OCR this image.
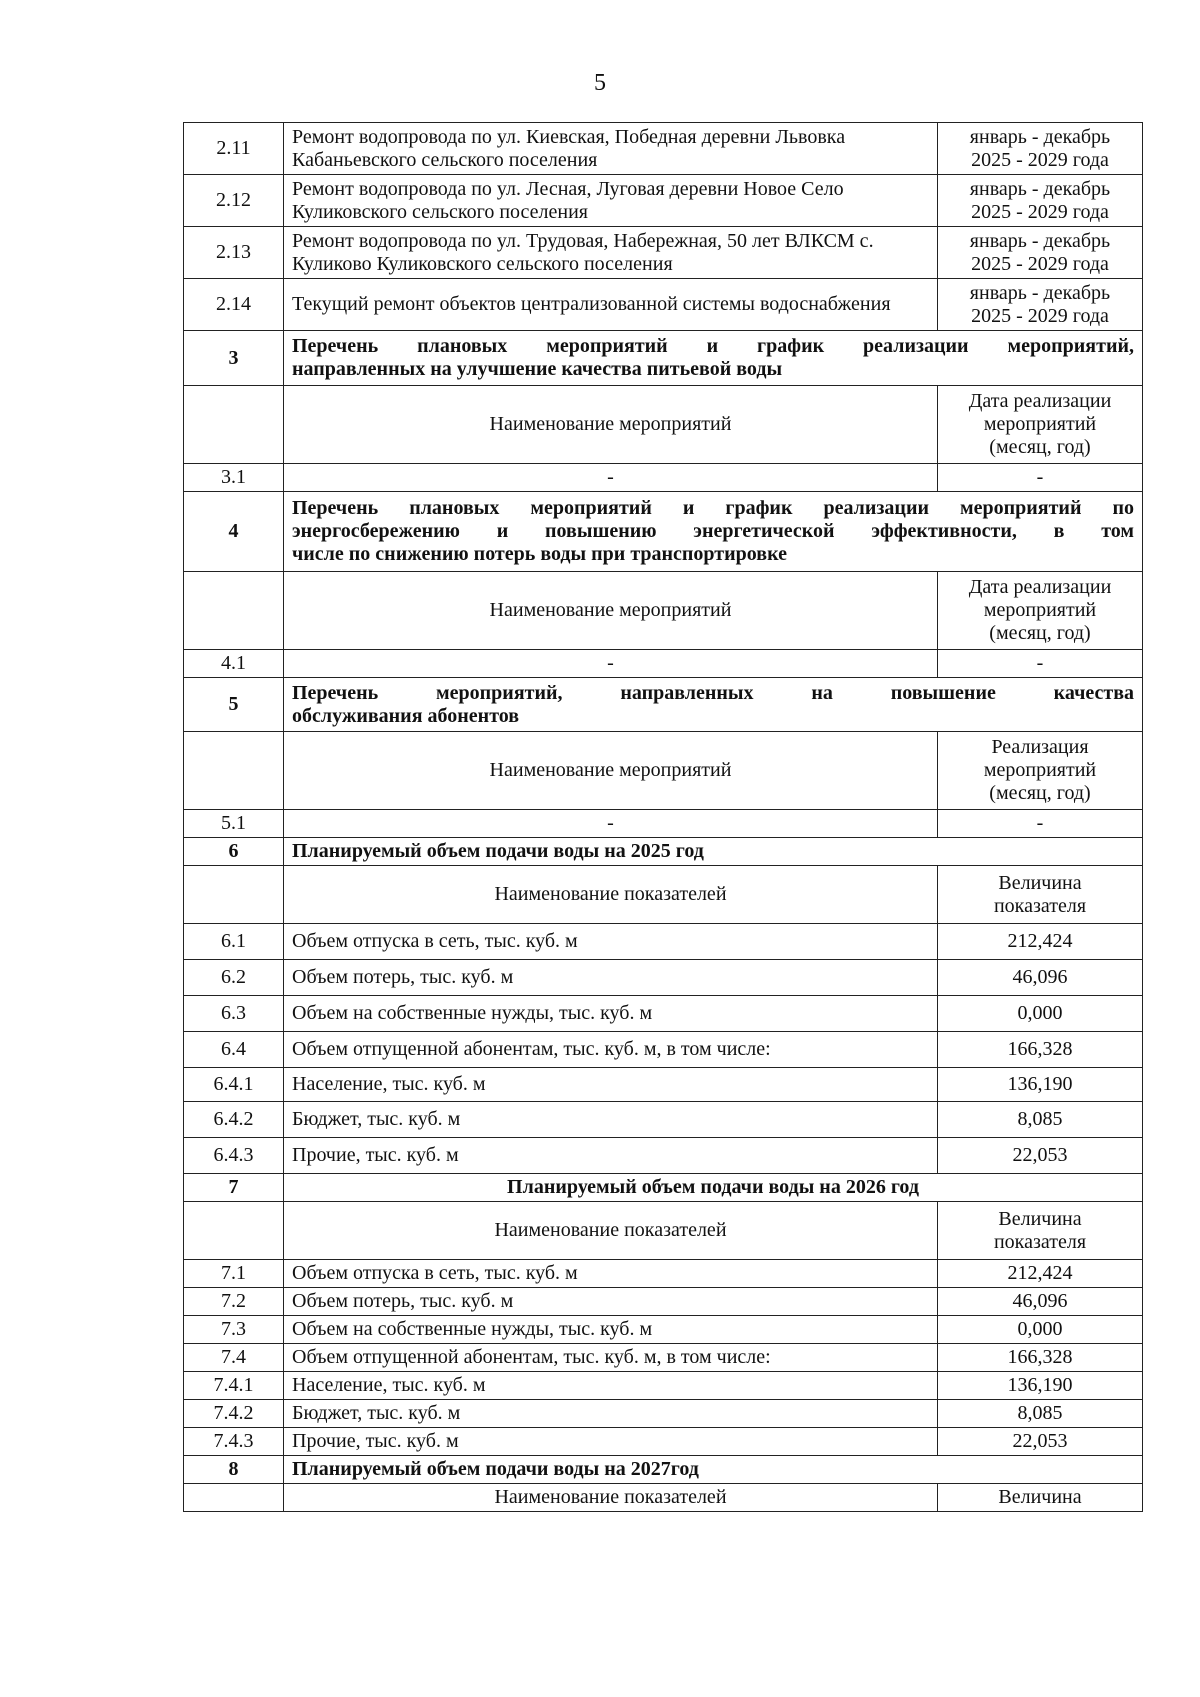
5
2.11	Ремонт водопровода по ул. Киевская, Победная деревни Львовка Кабаньевского сельского поселения	январь - декабрь
2025 - 2029 года

2.12	Ремонт водопровода по ул. Лесная, Луговая деревни Новое Село Куликовского сельского поселения	январь - декабрь
2025 - 2029 года

2.13	Ремонт водопровода по ул. Трудовая, Набережная, 50 лет ВЛКСМ с. Куликово Куликовского сельского поселения	январь - декабрь
2025 - 2029 года

2.14	Текущий ремонт объектов централизованной системы водоснабжения	январь - декабрь
2025 - 2029 года

3	Перечень плановых мероприятий и график реализации мероприятий,
направленных на улучшение качества питьевой воды	

	Наименование мероприятий	Дата реализации
мероприятий
(месяц, год)

3.1	-	-
4	Перечень плановых мероприятий и график реализации мероприятий по
энергосбережению и повышению энергетической эффективности, в том
числе по снижению потерь воды при транспортировке	

	Наименование мероприятий	Дата реализации
мероприятий
(месяц, год)

4.1	-	-
5	Перечень мероприятий, направленных на повышение качества
обслуживания абонентов	

	Наименование мероприятий	Реализация
мероприятий
(месяц, год)

5.1	-	-
6	Планируемый объем подачи воды на 2025 год	
	Наименование показателей	Величина
показателя

6.1	Объем отпуска в сеть, тыс. куб. м	212,424
6.2	Объем потерь, тыс. куб. м	46,096
6.3	Объем на собственные нужды, тыс. куб. м	0,000
6.4	Объем отпущенной абонентам, тыс. куб. м, в том числе:	166,328
6.4.1	Население, тыс. куб. м	136,190
6.4.2	Бюджет, тыс. куб. м	8,085
6.4.3	Прочие, тыс. куб. м	22,053
7	Планируемый объем подачи воды на 2026 год	
	Наименование показателей	Величина
показателя

7.1	Объем отпуска в сеть, тыс. куб. м	212,424
7.2	Объем потерь, тыс. куб. м	46,096
7.3	Объем на собственные нужды, тыс. куб. м	0,000
7.4	Объем отпущенной абонентам, тыс. куб. м, в том числе:	166,328
7.4.1	Население, тыс. куб. м	136,190
7.4.2	Бюджет, тыс. куб. м	8,085
7.4.3	Прочие, тыс. куб. м	22,053
8	Планируемый объем подачи воды на 2027год	
	Наименование показателей	Величина
